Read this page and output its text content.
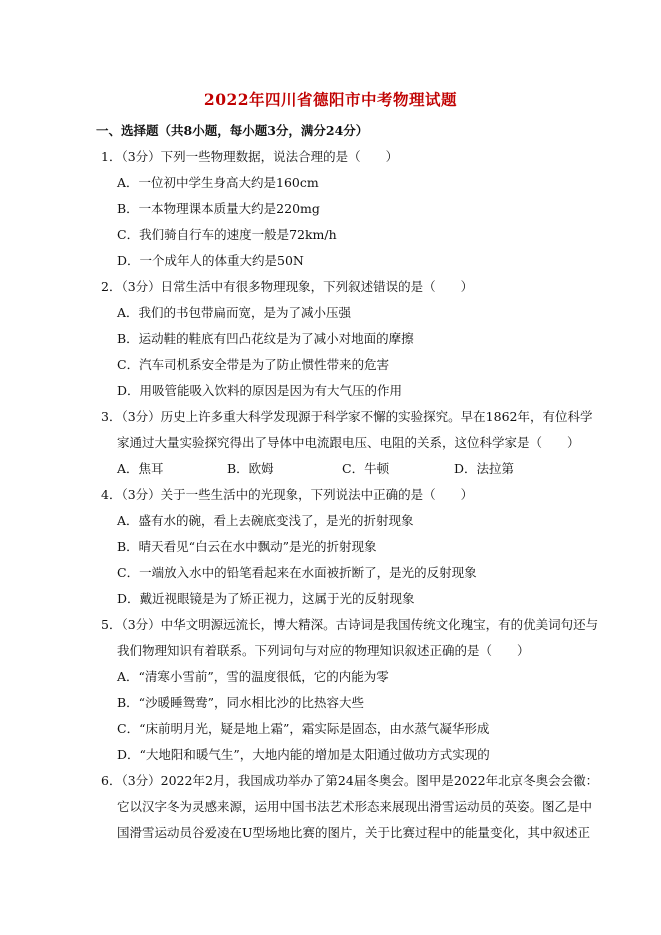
2022年四川省德阳市中考物理试题
一、选择题（共8小题，每小题3分，满分24分）
1．（3分）下列一些物理数据，说法合理的是（　　）
A．一位初中学生身高大约是160cm
B．一本物理课本质量大约是220mg
C．我们骑自行车的速度一般是72km/h
D．一个成年人的体重大约是50N
2．（3分）日常生活中有很多物理现象，下列叙述错误的是（　　）
A．我们的书包带扁而宽，是为了减小压强
B．运动鞋的鞋底有凹凸花纹是为了减小对地面的摩擦
C．汽车司机系安全带是为了防止惯性带来的危害
D．用吸管能吸入饮料的原因是因为有大气压的作用
3．（3分）历史上许多重大科学发现源于科学家不懈的实验探究。早在1862年，有位科学
家通过大量实验探究得出了导体中电流跟电压、电阻的关系，这位科学家是（　　）
A．焦耳	B．欧姆	C．牛顿	D．法拉第
4．（3分）关于一些生活中的光现象，下列说法中正确的是（　　）
A．盛有水的碗，看上去碗底变浅了，是光的折射现象
B．晴天看见“白云在水中飘动”是光的折射现象
C．一端放入水中的铅笔看起来在水面被折断了，是光的反射现象
D．戴近视眼镜是为了矫正视力，这属于光的反射现象
5．（3分）中华文明源远流长，博大精深。古诗词是我国传统文化瑰宝，有的优美词句还与
我们物理知识有着联系。下列词句与对应的物理知识叙述正确的是（　　）
A．“清寒小雪前”，雪的温度很低，它的内能为零
B．“沙暖睡鸳鸯”，同水相比沙的比热容大些
C．“床前明月光，疑是地上霜”，霜实际是固态，由水蒸气凝华形成
D．“大地阳和暖气生”，大地内能的增加是太阳通过做功方式实现的
6．（3分）2022年2月，我国成功举办了第24届冬奥会。图甲是2022年北京冬奥会会徽：
它以汉字冬为灵感来源，运用中国书法艺术形态来展现出滑雪运动员的英姿。图乙是中
国滑雪运动员谷爱凌在U型场地比赛的图片，关于比赛过程中的能量变化，其中叙述正
